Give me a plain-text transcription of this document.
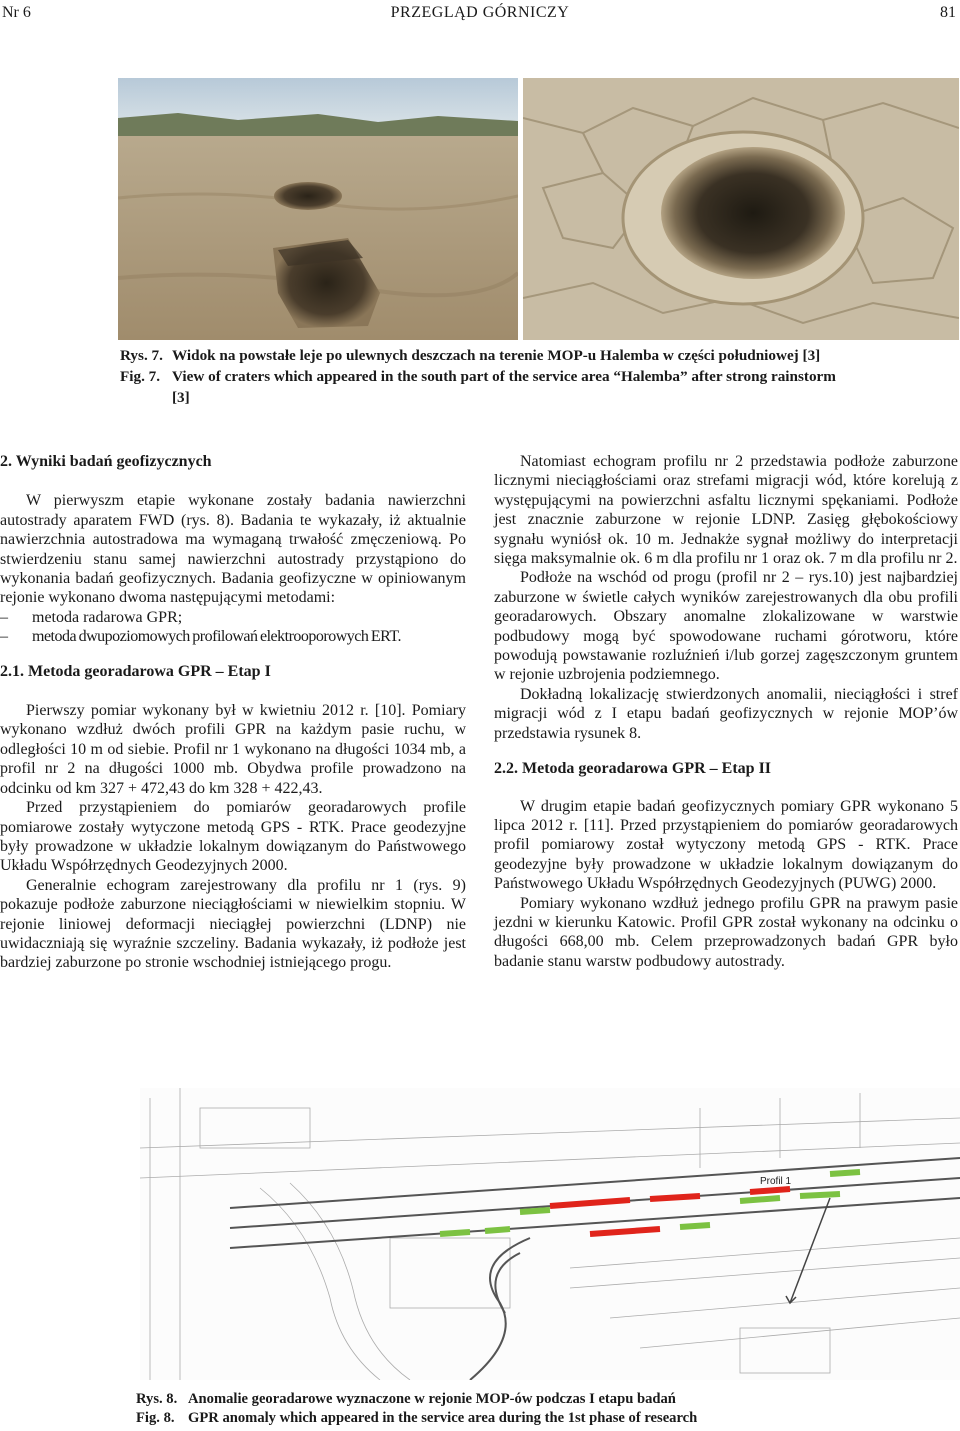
Nr 6	PRZEGLĄD GÓRNICZY	81
Rys. 7. Widok na powstałe leje po ulewnych deszczach na terenie MOP-u Halemba w części południowej [3]
Fig. 7. View of craters which appeared in the south part of the service area “Halemba” after strong rainstorm [3]

2. Wyniki badań geofizycznych

W pierwyszm etapie wykonane zostały badania nawierzchni autostrady aparatem FWD (rys. 8). Badania te wykazały, iż aktualnie nawierzchnia autostradowa ma wymaganą trwałość zmęczeniową. Po stwierdzeniu stanu samej nawierzchni autostrady przystąpiono do wykonania badań geofizycznych. Badania geofizyczne w opiniowanym rejonie wykonano dwoma następującymi metodami:

– metoda radarowa GPR;
– metoda dwupoziomowych profilowań elektrooporowych ERT.

2.1. Metoda georadarowa GPR – Etap I

Pierwszy pomiar wykonany był w kwietniu 2012 r. [10]. Pomiary wykonano wzdłuż dwóch profili GPR na każdym pasie ruchu, w odległości 10 m od siebie. Profil nr 1 wykonano na długości 1034 mb, a profil nr 2 na długości 1000 mb. Obydwa profile prowadzono na odcinku od km 327 + 472,43 do km 328 + 422,43.

Przed przystąpieniem do pomiarów georadarowych profile pomiarowe zostały wytyczone metodą GPS - RTK. Prace geodezyjne były prowadzone w układzie lokalnym dowiązanym do Państwowego Układu Współrzędnych Geodezyjnych 2000.

Generalnie echogram zarejestrowany dla profilu nr 1 (rys. 9) pokazuje podłoże zaburzone nieciągłościami w niewielkim stopniu. W rejonie liniowej deformacji nieciągłej powierzchni (LDNP) nie uwidaczniają się wyraźnie szczeliny. Badania wykazały, iż podłoże jest bardziej zaburzone po stronie wschodniej istniejącego progu.

Natomiast echogram profilu nr 2 przedstawia podłoże zaburzone licznymi nieciągłościami oraz strefami migracji wód, które korelują z występującymi na powierzchni asfaltu licznymi spękaniami. Podłoże jest znacznie zaburzone w rejonie LDNP. Zasięg głębokościowy sygnału wyniósł ok. 10 m. Jednakże sygnał możliwy do interpretacji sięga maksymalnie ok. 6 m dla profilu nr 1 oraz ok. 7 m dla profilu nr 2.

Podłoże na wschód od progu (profil nr 2 – rys.10) jest najbardziej zaburzone w świetle całych wyników zarejestrowanych dla obu profili georadarowych. Obszary anomalne zlokalizowane w warstwie podbudowy mogą być spowodowane ruchami górotworu, które powodują powstawanie rozluźnień i/lub gorzej zagęszczonym gruntem w rejonie uzbrojenia podziemnego.

Dokładną lokalizację stwierdzonych anomalii, nieciągłości i stref migracji wód z I etapu badań geofizycznych w rejonie MOP’ów przedstawia rysunek 8.

2.2. Metoda georadarowa GPR – Etap II

W drugim etapie badań geofizycznych pomiary GPR wykonano 5 lipca 2012 r. [11]. Przed przystąpieniem do pomiarów georadarowych profil pomiarowy został wytyczony metodą GPS - RTK. Prace geodezyjne były prowadzone w układzie lokalnym dowiązanym do Państwowego Układu Współrzędnych Geodezyjnych (PUWG) 2000.

Pomiary wykonano wzdłuż jednego profilu GPR na prawym pasie jezdni w kierunku Katowic. Profil GPR został wykonany na odcinku o długości 668,00 mb. Celem przeprowadzonych badań GPR było badanie stanu warstw podbudowy autostrady.

Profil 1
Rys. 8. Anomalie georadarowe wyznaczone w rejonie MOP-ów podczas I etapu badań
Fig. 8. GPR anomaly which appeared in the service area during the 1st phase of research
